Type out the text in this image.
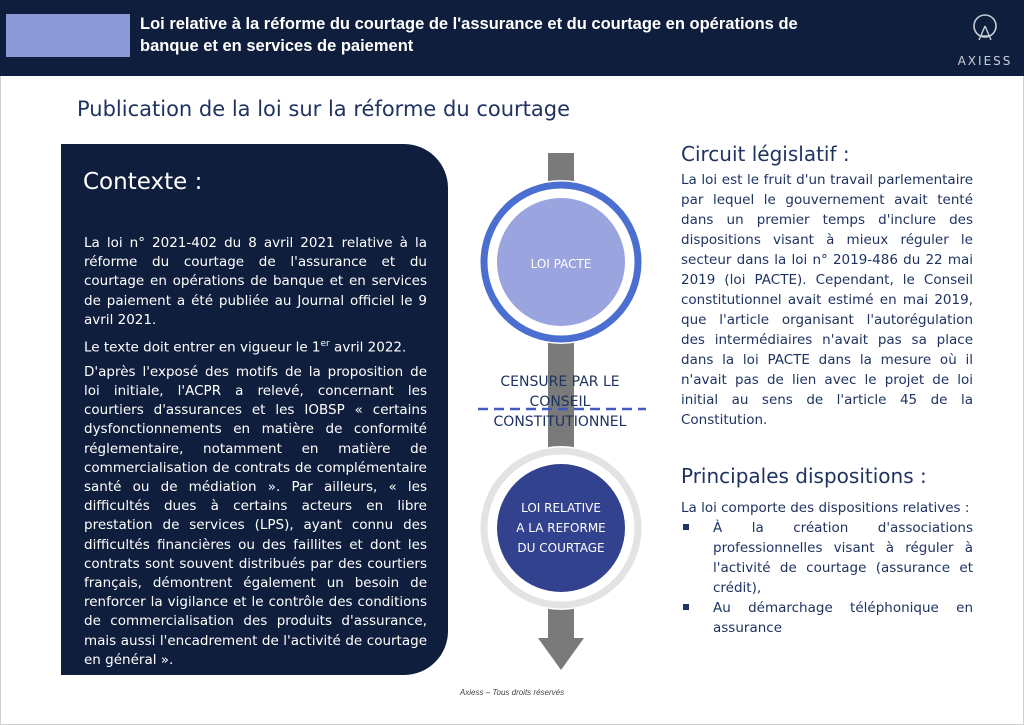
Loi relative à la réforme du courtage de l'assurance et du courtage en opérations de
banque et en services de paiement
AXIESS
Publication de la loi sur la réforme du courtage
Contexte :

La loi n° 2021-402 du 8 avril 2021 relative à la réforme du courtage de l'assurance et du courtage en opérations de banque et en services de paiement a été publiée au Journal officiel le 9 avril 2021.

Le texte doit entrer en vigueur le 1er avril 2022.

D'après l'exposé des motifs de la proposition de loi initiale, l'ACPR a relevé, concernant les courtiers d'assurances et les IOBSP « certains dysfonctionnements en matière de conformité réglementaire, notamment en matière de commercialisation de contrats de complémentaire santé ou de médiation ». Par ailleurs, « les difficultés dues à certains acteurs en libre prestation de services (LPS), ayant connu des difficultés financières ou des faillites et dont les contrats sont souvent distribués par des courtiers français, démontrent également un besoin de renforcer la vigilance et le contrôle des conditions de commercialisation des produits d'assurance, mais aussi l'encadrement de l'activité de courtage en général ».

LOI PACTE
CENSURE PAR LE
CONSEIL
CONSTITUTIONNEL
LOI RELATIVE
A LA REFORME
DU COURTAGE
Circuit législatif :
La loi est le fruit d'un travail parlementaire par lequel le gouvernement avait tenté dans un premier temps d'inclure des dispositions visant à mieux réguler le secteur dans la loi n° 2019-486 du 22 mai 2019 (loi PACTE). Cependant, le Conseil constitutionnel avait estimé en mai 2019, que l'article organisant l'autorégulation des intermédiaires n'avait pas sa place dans la loi PACTE dans la mesure où il n'avait pas de lien avec le projet de loi initial au sens de l'article 45 de la Constitution.
Principales dispositions :
La loi comporte des dispositions relatives :
À la création d'associations professionnelles visant à réguler à l'activité de courtage (assurance et crédit),
Au démarchage téléphonique en assurance
Axiess – Tous droits réservés
